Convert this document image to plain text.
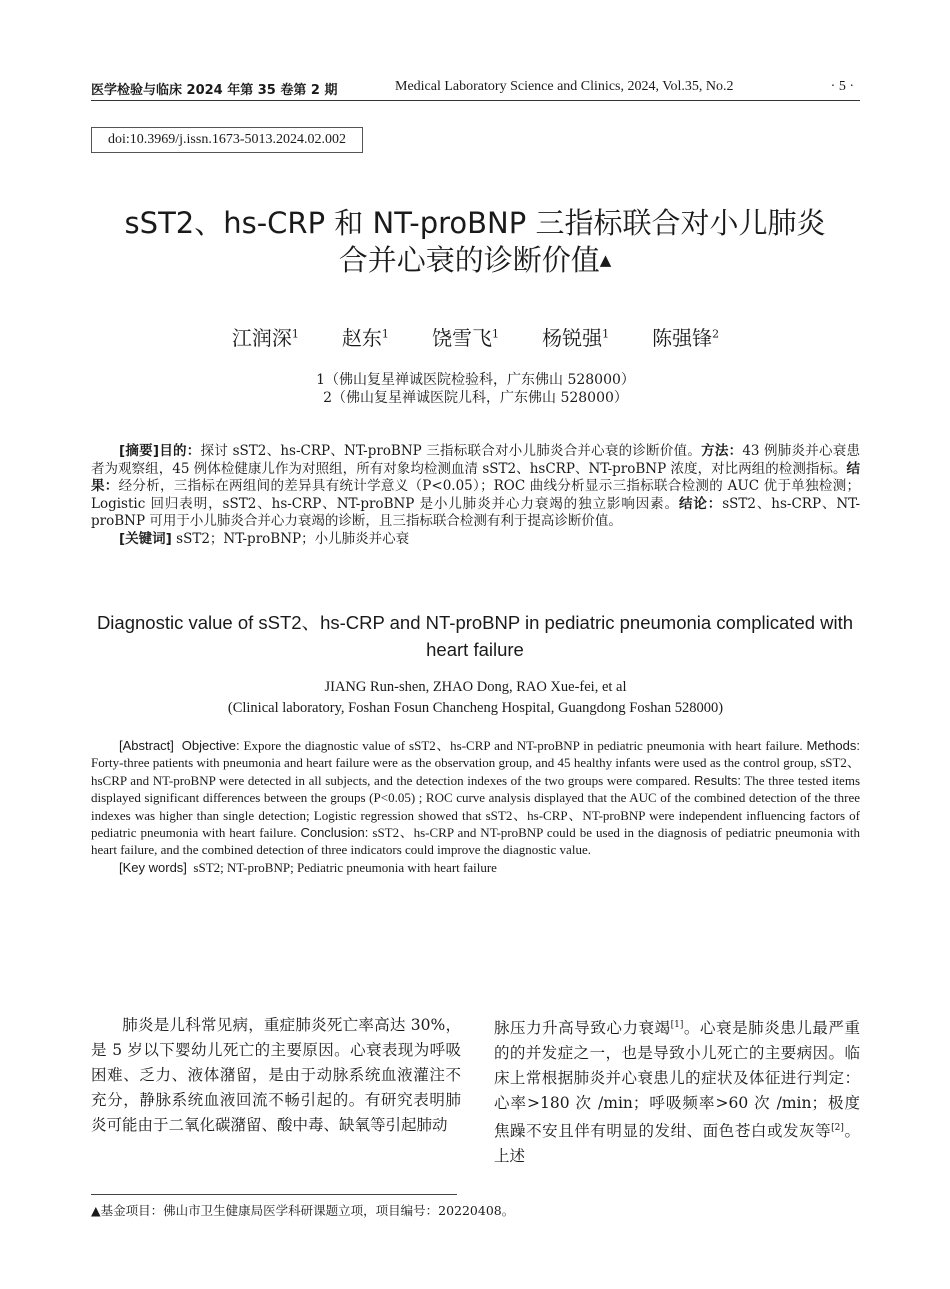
医学检验与临床 2024 年第 35 卷第 2 期	Medical Laboratory Science and Clinics, 2024, Vol.35, No.2	· 5 ·
doi:10.3969/j.issn.1673-5013.2024.02.002
sST2、hs-CRP 和 NT-proBNP 三指标联合对小儿肺炎
合并心衰的诊断价值▲
江润深$^1$ 赵东$^1$ 饶雪飞$^1$ 杨锐强$^1$ 陈强锋$^2$
1（佛山复星禅诚医院检验科，广东佛山 528000）
2（佛山复星禅诚医院儿科，广东佛山 528000）
[摘要]目的：探讨 sST2、hs-CRP、NT-proBNP 三指标联合对小儿肺炎合并心衰的诊断价值。方法：43 例肺炎并心衰患者为观察组，45 例体检健康儿作为对照组，所有对象均检测血清 sST2、hsCRP、NT-proBNP 浓度，对比两组的检测指标。结果：经分析，三指标在两组间的差异具有统计学意义（P<0.05）；ROC 曲线分析显示三指标联合检测的 AUC 优于单独检测；Logistic 回归表明，sST2、hs-CRP、NT-proBNP 是小儿肺炎并心力衰竭的独立影响因素。结论：sST2、hs-CRP、NT-proBNP 可用于小儿肺炎合并心力衰竭的诊断，且三指标联合检测有利于提高诊断价值。
[关键词] sST2；NT-proBNP；小儿肺炎并心衰
Diagnostic value of sST2、hs-CRP and NT-proBNP in pediatric pneumonia complicated with heart failure
JIANG Run-shen, ZHAO Dong, RAO Xue-fei, et al
(Clinical laboratory, Foshan Fosun Chancheng Hospital, Guangdong Foshan 528000)
[Abstract] Objective: Expore the diagnostic value of sST2、hs-CRP and NT-proBNP in pediatric pneumonia with heart failure. Methods: Forty-three patients with pneumonia and heart failure were as the observation group, and 45 healthy infants were used as the control group, sST2、hsCRP and NT-proBNP were detected in all subjects, and the detection indexes of the two groups were compared. Results: The three tested items displayed significant differences between the groups (P<0.05) ; ROC curve analysis displayed that the AUC of the combined detection of the three indexes was higher than single detection; Logistic regression showed that sST2、hs-CRP、NT-proBNP were independent influencing factors of pediatric pneumonia with heart failure. Conclusion: sST2、hs-CRP and NT-proBNP could be used in the diagnosis of pediatric pneumonia with heart failure, and the combined detection of three indicators could improve the diagnostic value.
[Key words] sST2; NT-proBNP; Pediatric pneumonia with heart failure
肺炎是儿科常见病，重症肺炎死亡率高达 30%，是 5 岁以下婴幼儿死亡的主要原因。心衰表现为呼吸困难、乏力、液体潴留，是由于动脉系统血液灌注不充分，静脉系统血液回流不畅引起的。有研究表明肺炎可能由于二氧化碳潴留、酸中毒、缺氧等引起肺动
脉压力升高导致心力衰竭[1]。心衰是肺炎患儿最严重的的并发症之一，也是导致小儿死亡的主要病因。临床上常根据肺炎并心衰患儿的症状及体征进行判定：心率>180 次 /min；呼吸频率>60 次 /min；极度焦躁不安且伴有明显的发绀、面色苍白或发灰等[2]。上述
▲基金项目：佛山市卫生健康局医学科研课题立项，项目编号：20220408。
